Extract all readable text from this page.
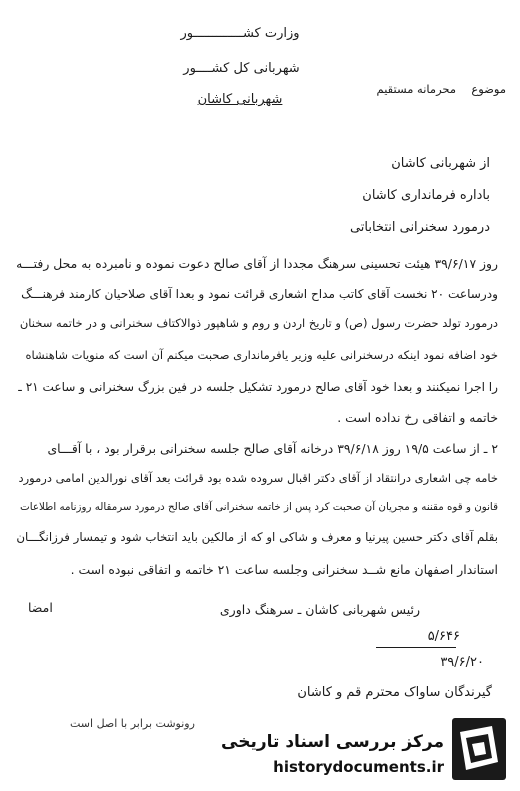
وزارت کشـــــــــــــور
شهربانی کل کشــــور
شهربانی کاشان
موضوع
محرمانه مستقیم
از شهربانی کاشان
باداره فرمانداری کاشان
درمورد سخنرانی انتخاباتی
روز ۳۹/۶/۱۷ هیئت تحسینی سرهنگ مجددا از آقای صالح دعوت نموده و نامبرده به محل رفتـــه
ودرساعت ۲۰ نخست آقای کاتب مداح اشعاری قرائت نمود و بعدا آقای صلاحیان کارمند فرهنـــگ
درمورد تولد حضرت رسول (ص) و تاریخ اردن و روم و شاهپور ذوالاکتاف سخنرانی و در خاتمه سخنان
خود اضافه نمود اینکه درسخنرانی علیه وزیر یافرمانداری صحبت میکنم آن است که منویات شاهنشاه
را اجرا نمیکنند و بعدا خود آقای صالح درمورد تشکیل جلسه در فین بزرگ سخنرانی و ساعت ۲۱ ـ
خاتمه و اتفاقی رخ نداده است .
۲ ـ از ساعت ۱۹/۵ روز ۳۹/۶/۱۸ درخانه آقای صالح جلسه سخنرانی برقرار بود ، با آقـــای
خامه چی اشعاری درانتقاد از آقای دکتر اقبال سروده شده بود قرائت بعد آقای نورالدین امامی درمورد
قانون و قوه مقننه و مجریان آن صحبت کرد پس از خاتمه سخنرانی آقای صالح درمورد سرمقاله روزنامه اطلاعات
بقلم آقای دکتر حسین پیرنیا و معرف و شاکی او که از مالکین باید انتخاب شود و تیمسار فرزانگـــان
استاندار اصفهان مانع شــد سخنرانی وجلسه ساعت ۲۱ خاتمه و اتفاقی نبوده است .
رئیس شهربانی کاشان ـ سرهنگ داوری
امضا
۵/۶۴۶
۳۹/۶/۲۰
گیرندگان ساواک محترم قم و کاشان
رونوشت برابر با اصل است
مرکز بررسی اسناد تاریخی
historydocuments.ir
